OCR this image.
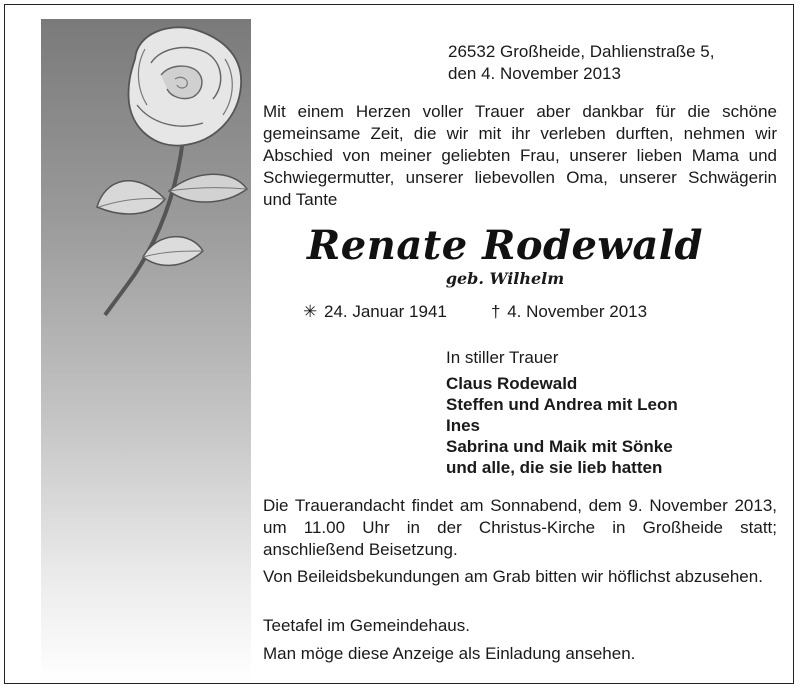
26532 Großheide, Dahlienstraße 5,
den 4. November 2013

Mit einem Herzen voller Trauer aber dankbar für die schöne gemeinsame Zeit, die wir mit ihr verleben durften, nehmen wir Abschied von meiner geliebten Frau, unserer lieben Mama und Schwiegermutter, unserer liebevollen Oma, unserer Schwägerin und Tante

Renate Rodewald
geb. Wilhelm
✳ 24. Januar 1941	† 4. November 2013
In stiller Trauer
Claus Rodewald
Steffen und Andrea mit Leon
Ines
Sabrina und Maik mit Sönke
und alle, die sie lieb hatten

Die Trauerandacht findet am Sonnabend, dem 9. November 2013, um 11.00 Uhr in der Christus-Kirche in Großheide statt; anschließend Beisetzung.

Von Beileidsbekundungen am Grab bitten wir höflichst abzusehen.

Teetafel im Gemeindehaus.

Man möge diese Anzeige als Einladung ansehen.
